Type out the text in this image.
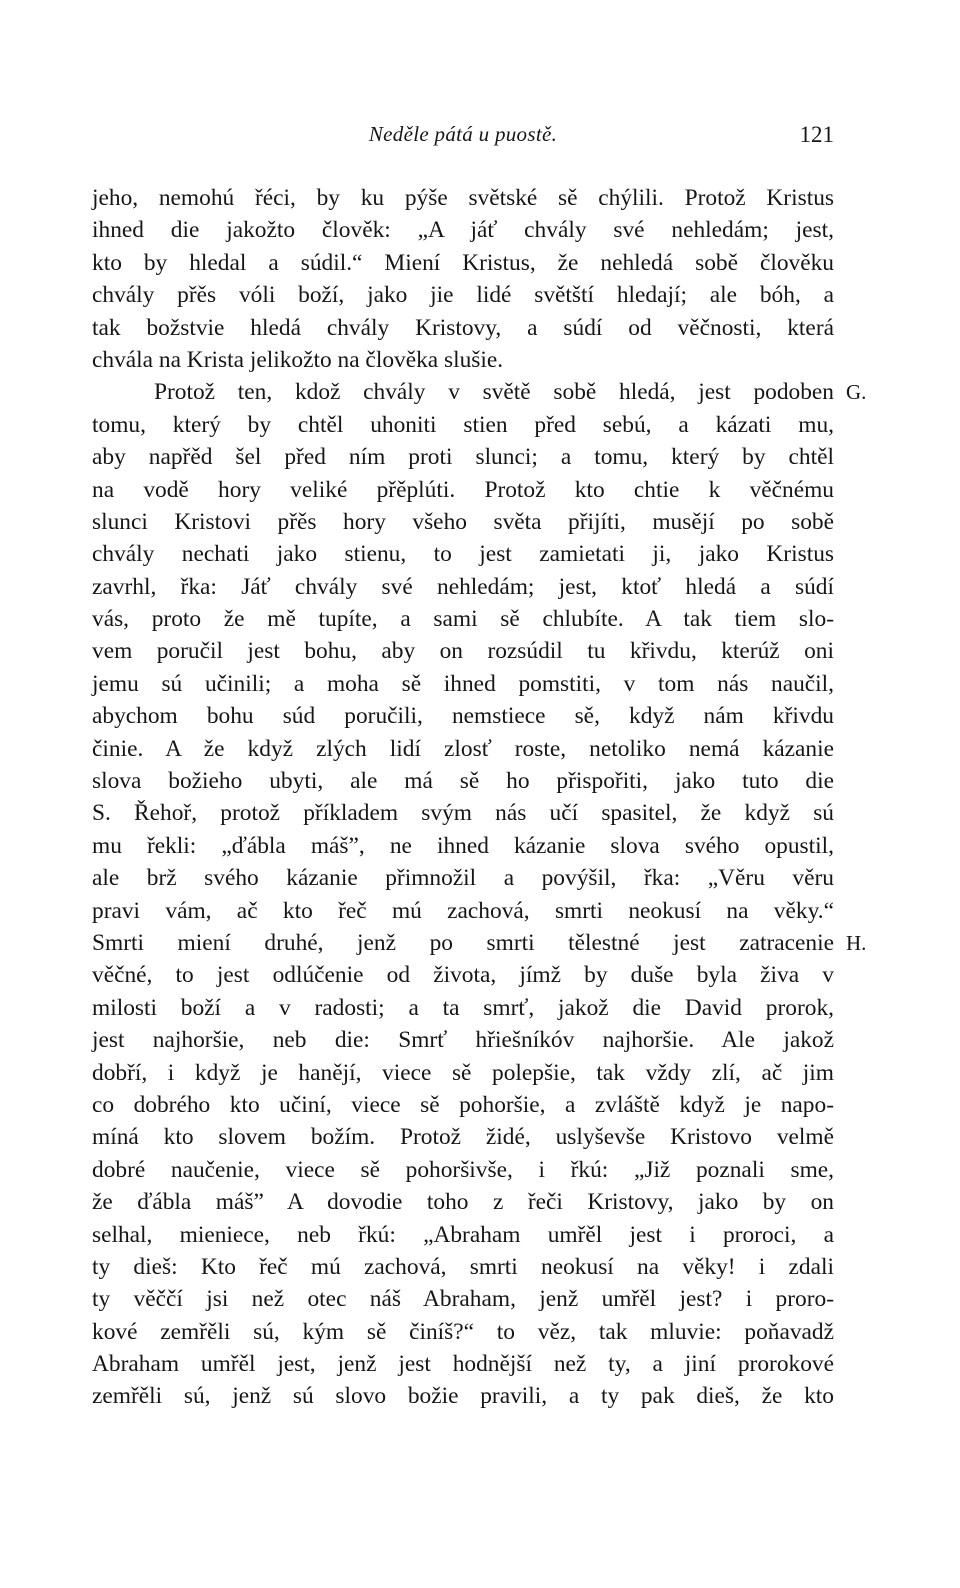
Neděle pátá u puostě.	121
jeho, nemohú řéci, by ku pýše světské sě chýlili. Protož Kristus
ihned die jakožto člověk: „A jáť chvály své nehledám; jest,
kto by hledal a súdil.“ Miení Kristus, že nehledá sobě člověku
chvály přěs vóli boží, jako jie lidé světští hledají; ale bóh, a
tak božstvie hledá chvály Kristovy, a súdí od věčnosti, která
chvála na Krista jelikožto na člověka slušie.
Protož ten, kdož chvály v světě sobě hledá, jest podoben
tomu, který by chtěl uhoniti stien před sebú, a kázati mu,
aby napřěd šel před ním proti slunci; a tomu, který by chtěl
na vodě hory veliké přěplúti. Protož kto chtie k věčnému
slunci Kristovi přěs hory všeho světa přijíti, musějí po sobě
chvály nechati jako stienu, to jest zamietati ji, jako Kristus
zavrhl, řka: Jáť chvály své nehledám; jest, ktoť hledá a súdí
vás, proto že mě tupíte, a sami sě chlubíte. A tak tiem slo-
vem poručil jest bohu, aby on rozsúdil tu křivdu, kterúž oni
jemu sú učinili; a moha sě ihned pomstiti, v tom nás naučil,
abychom bohu súd poručili, nemstiece sě, když nám křivdu
činie. A že když zlých lidí zlosť roste, netoliko nemá kázanie
slova božieho ubyti, ale má sě ho přispořiti, jako tuto die
S. Řehoř, protož příkladem svým nás učí spasitel, že když sú
mu řekli: „ďábla mášˮ, ne ihned kázanie slova svého opustil,
ale brž svého kázanie přimnožil a povýšil, řka: „Věru věru
pravi vám, ač kto řeč mú zachová, smrti neokusí na věky.“
Smrti miení druhé, jenž po smrti tělestné jest zatracenie
věčné, to jest odlúčenie od života, jímž by duše byla živa v
milosti boží a v radosti; a ta smrť, jakož die David prorok,
jest najhoršie, neb die: Smrť hřiešníkóv najhoršie. Ale jakož
dobří, i když je hanějí, viece sě polepšie, tak vždy zlí, ač jim
co dobrého kto učiní, viece sě pohoršie, a zvláště když je napo-
míná kto slovem božím. Protož židé, uslyševše Kristovo velmě
dobré naučenie, viece sě pohoršivše, i řkú: „Již poznali sme,
že ďábla mášˮ A dovodie toho z řeči Kristovy, jako by on
selhal, mieniece, neb řkú: „Abraham umřěl jest i proroci, a
ty dieš: Kto řeč mú zachová, smrti neokusí na věky! i zdali
ty věččí jsi než otec náš Abraham, jenž umřěl jest? i proro-
kové zemřěli sú, kým sě činíš?“ to věz, tak mluvie: poňavadž
Abraham umřěl jest, jenž jest hodnější než ty, a jiní prorokové
zemřěli sú, jenž sú slovo božie pravili, a ty pak dieš, že kto
G.
H.
